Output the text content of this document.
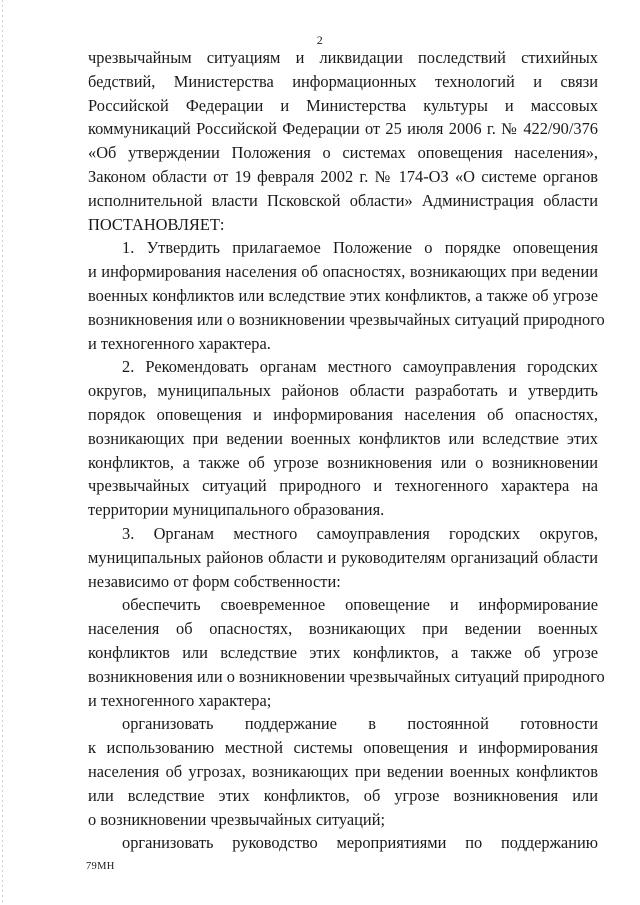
2
чрезвычайным ситуациям и ликвидации последствий стихийных
бедствий, Министерства информационных технологий и связи
Российской Федерации и Министерства культуры и массовых
коммуникаций Российской Федерации от 25 июля 2006 г. № 422/90/376
«Об утверждении Положения о системах оповещения населения»,
Законом области от 19 февраля 2002 г. № 174-ОЗ «О системе органов
исполнительной власти Псковской области» Администрация области
ПОСТАНОВЛЯЕТ:
1. Утвердить прилагаемое Положение о порядке оповещения
и информирования населения об опасностях, возникающих при ведении
военных конфликтов или вследствие этих конфликтов, а также об угрозе
возникновения или о возникновении чрезвычайных ситуаций природного
и техногенного характера.
2. Рекомендовать органам местного самоуправления городских
округов, муниципальных районов области разработать и утвердить
порядок оповещения и информирования населения об опасностях,
возникающих при ведении военных конфликтов или вследствие этих
конфликтов, а также об угрозе возникновения или о возникновении
чрезвычайных ситуаций природного и техногенного характера на
территории муниципального образования.
3. Органам местного самоуправления городских округов,
муниципальных районов области и руководителям организаций области
независимо от форм собственности:
обеспечить своевременное оповещение и информирование
населения об опасностях, возникающих при ведении военных
конфликтов или вследствие этих конфликтов, а также об угрозе
возникновения или о возникновении чрезвычайных ситуаций природного
и техногенного характера;
организовать поддержание в постоянной готовности
к использованию местной системы оповещения и информирования
населения об угрозах, возникающих при ведении военных конфликтов
или вследствие этих конфликтов, об угрозе возникновения или
о возникновении чрезвычайных ситуаций;
организовать руководство мероприятиями по поддержанию
79МН
